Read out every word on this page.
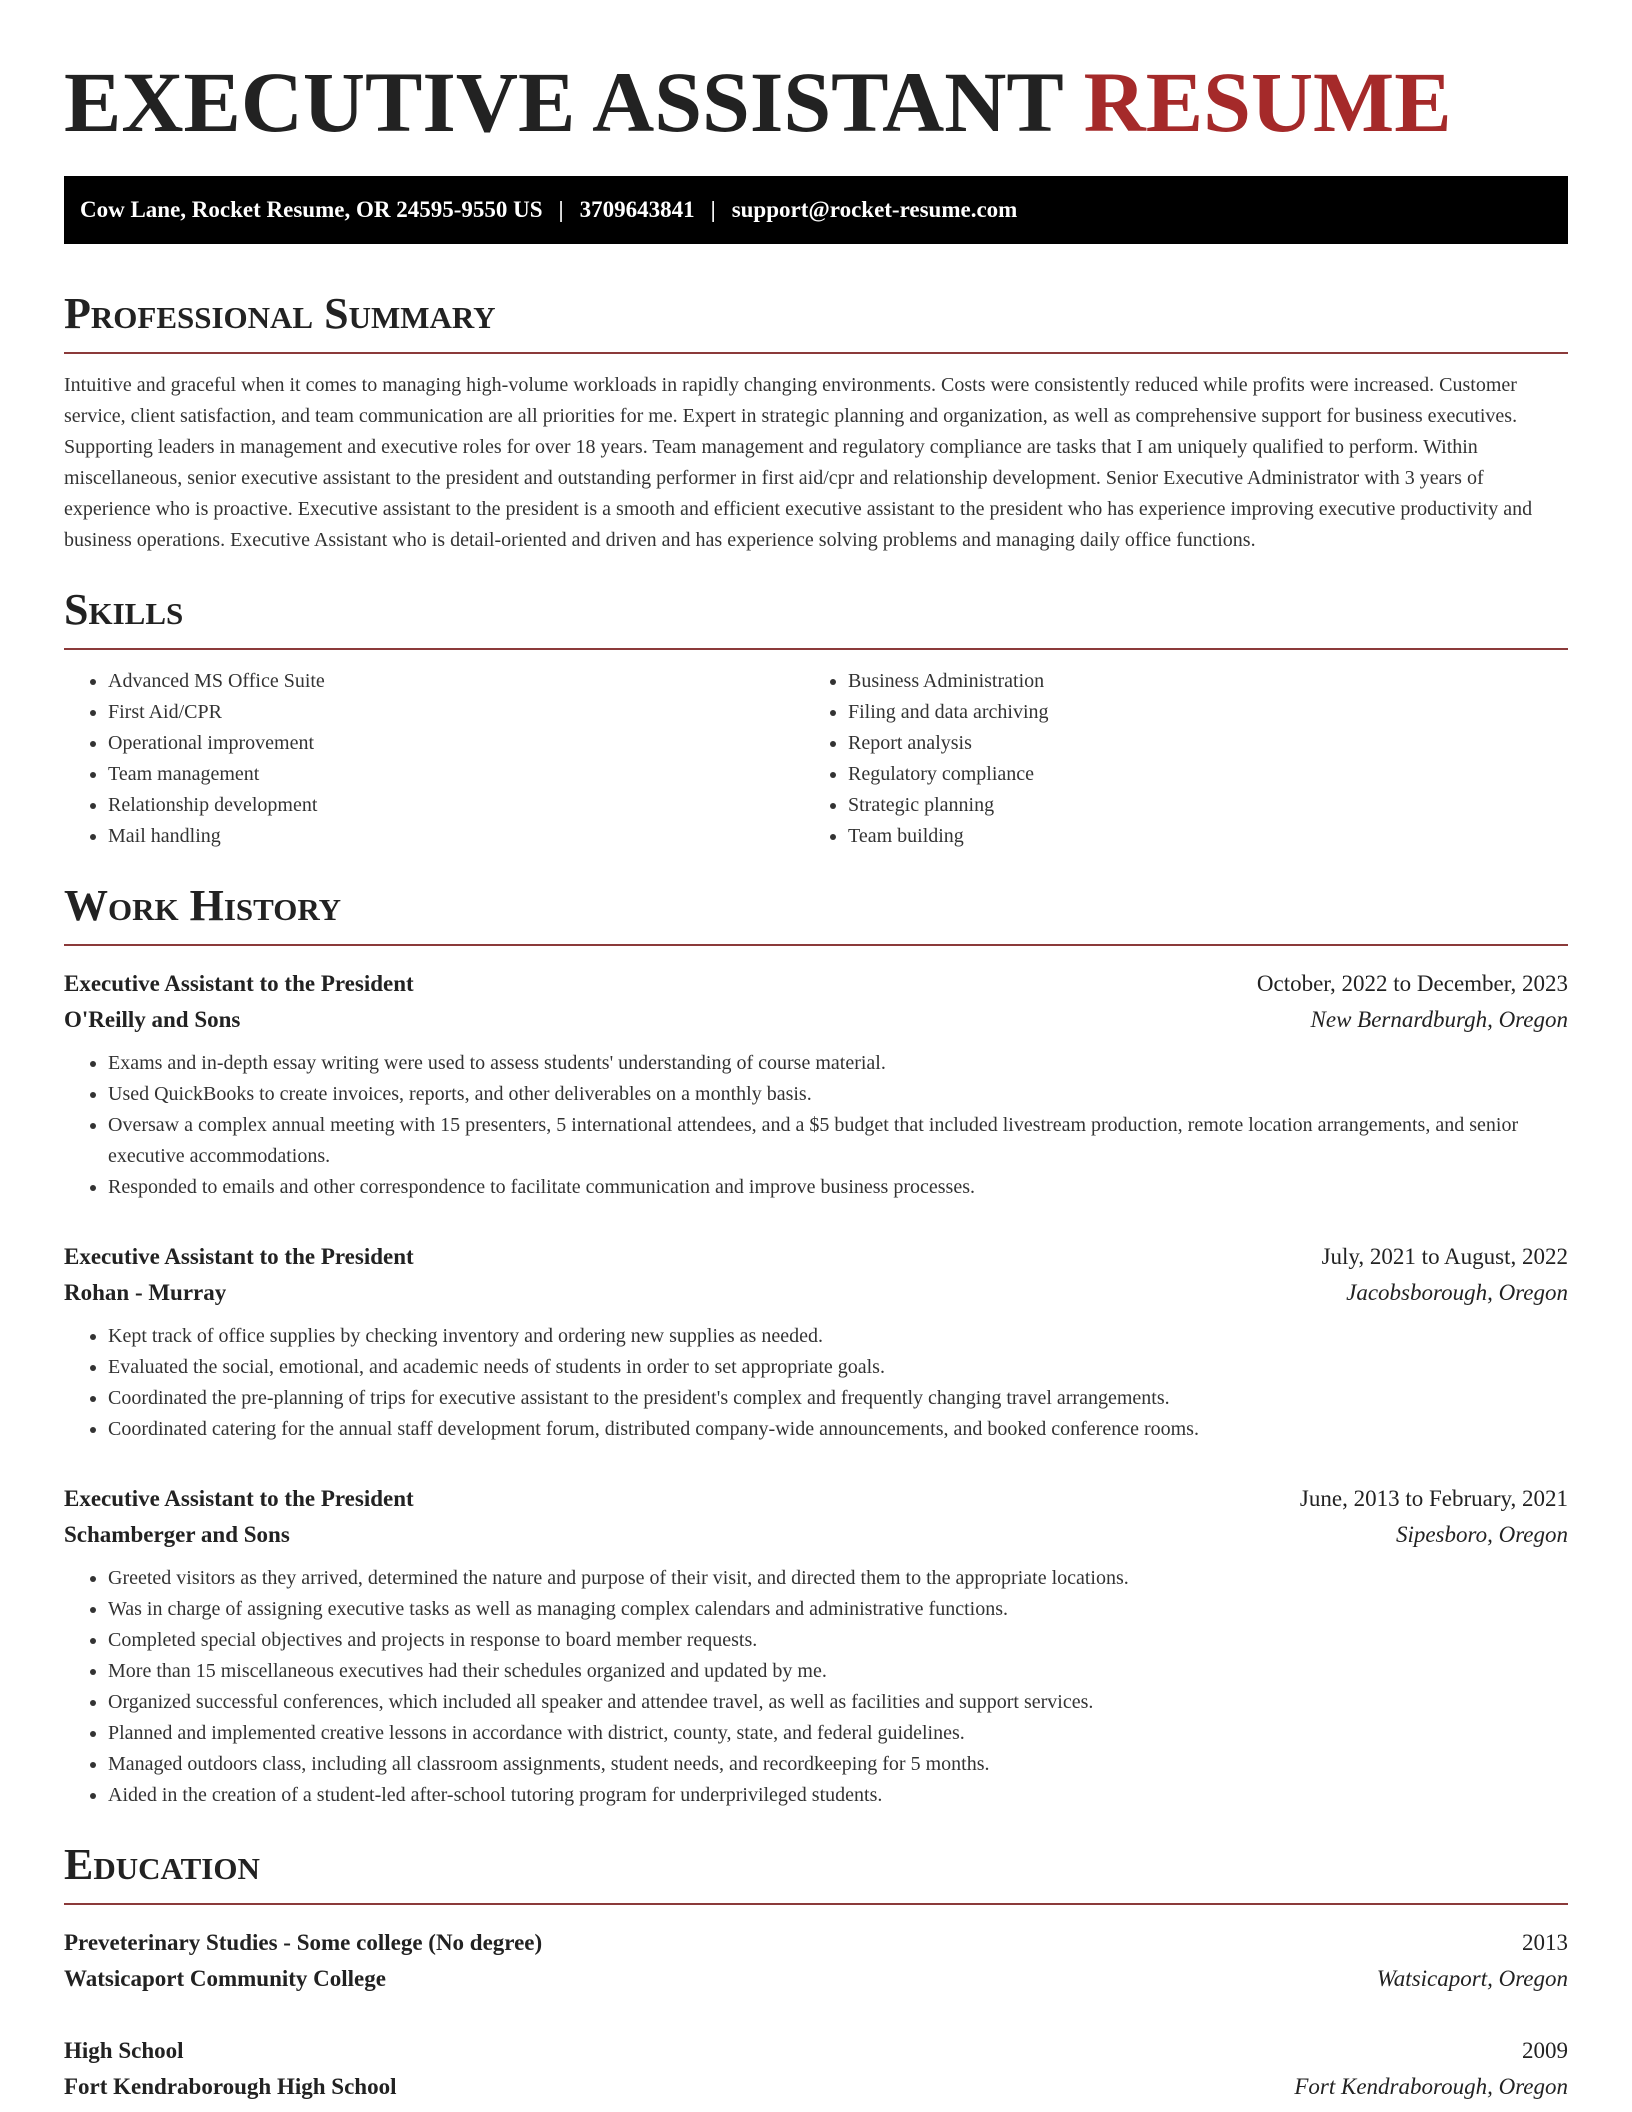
EXECUTIVE ASSISTANT RESUME
Cow Lane, Rocket Resume, OR 24595-9550 US | 3709643841 | support@rocket-resume.com
Professional Summary

Intuitive and graceful when it comes to managing high-volume workloads in rapidly changing environments. Costs were consistently reduced while profits were increased. Customer service, client satisfaction, and team communication are all priorities for me. Expert in strategic planning and organization, as well as comprehensive support for business executives. Supporting leaders in management and executive roles for over 18 years. Team management and regulatory compliance are tasks that I am uniquely qualified to perform. Within miscellaneous, senior executive assistant to the president and outstanding performer in first aid/cpr and relationship development. Senior Executive Administrator with 3 years of experience who is proactive. Executive assistant to the president is a smooth and efficient executive assistant to the president who has experience improving executive productivity and business operations. Executive Assistant who is detail-oriented and driven and has experience solving problems and managing daily office functions.

Skills
• Advanced MS Office Suite
• First Aid/CPR
• Operational improvement
• Team management
• Relationship development
• Mail handling
• Business Administration
• Filing and data archiving
• Report analysis
• Regulatory compliance
• Strategic planning
• Team building
Work History
Executive Assistant to the President	October, 2022 to December, 2023
O'Reilly and Sons	New Bernardburgh, Oregon
• Exams and in-depth essay writing were used to assess students' understanding of course material.
• Used QuickBooks to create invoices, reports, and other deliverables on a monthly basis.
• Oversaw a complex annual meeting with 15 presenters, 5 international attendees, and a $5 budget that included livestream production, remote location arrangements, and senior executive accommodations.
• Responded to emails and other correspondence to facilitate communication and improve business processes.
Executive Assistant to the President	July, 2021 to August, 2022
Rohan - Murray	Jacobsborough, Oregon
• Kept track of office supplies by checking inventory and ordering new supplies as needed.
• Evaluated the social, emotional, and academic needs of students in order to set appropriate goals.
• Coordinated the pre-planning of trips for executive assistant to the president's complex and frequently changing travel arrangements.
• Coordinated catering for the annual staff development forum, distributed company-wide announcements, and booked conference rooms.
Executive Assistant to the President	June, 2013 to February, 2021
Schamberger and Sons	Sipesboro, Oregon
• Greeted visitors as they arrived, determined the nature and purpose of their visit, and directed them to the appropriate locations.
• Was in charge of assigning executive tasks as well as managing complex calendars and administrative functions.
• Completed special objectives and projects in response to board member requests.
• More than 15 miscellaneous executives had their schedules organized and updated by me.
• Organized successful conferences, which included all speaker and attendee travel, as well as facilities and support services.
• Planned and implemented creative lessons in accordance with district, county, state, and federal guidelines.
• Managed outdoors class, including all classroom assignments, student needs, and recordkeeping for 5 months.
• Aided in the creation of a student-led after-school tutoring program for underprivileged students.
Education
Preveterinary Studies - Some college (No degree)	2013
Watsicaport Community College	Watsicaport, Oregon
High School	2009
Fort Kendraborough High School	Fort Kendraborough, Oregon
